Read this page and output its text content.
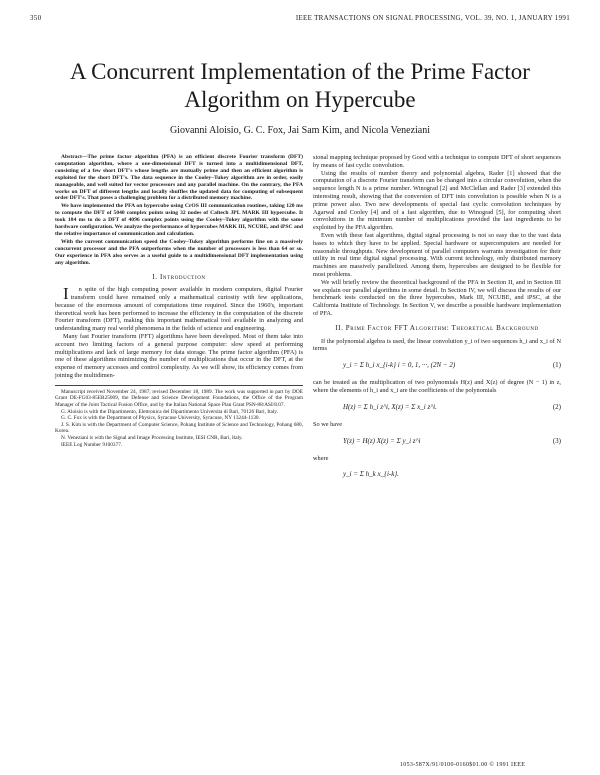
350	IEEE TRANSACTIONS ON SIGNAL PROCESSING, VOL. 39, NO. 1, JANUARY 1991
A Concurrent Implementation of the Prime Factor Algorithm on Hypercube
Giovanni Aloisio, G. C. Fox, Jai Sam Kim, and Nicola Veneziani

Abstract—The prime factor algorithm (PFA) is an efficient discrete Fourier transform (DFT) computation algorithm, where a one-dimensional DFT is turned into a multidimensional DFT, consisting of a few short DFT's whose lengths are mutually prime and then an efficient algorithm is exploited for the short DFT's. The data sequence in the Cooley–Tukey algorithm are in order, easily manageable, and well suited for vector processors and any parallel machine. On the contrary, the PFA works on DFT of different lengths and locally shuffles the updated data for computing of subsequent order DFT's. That poses a challenging problem for a distributed memory machine.

We have implemented the PFA on hypercube using CrOS III communication routines, taking 120 ms to compute the DFT of 5040 complex points using 32 nodes of Caltech JPL MARK III hypercube. It took 184 ms to do a DFT of 4096 complex points using the Cooley–Tukey algorithm with the same hardware configuration. We analyze the performance of hypercubes MARK III, NCUBE, and iPSC and the relative importance of communication and calculation.

With the current communication speed the Cooley–Tukey algorithm performs fine on a massively concurrent processor and the PFA outperforms when the number of processors is less than 64 or so. Our experience in PFA also serves as a useful guide to a multidimensional DFT implementation using any algorithm.

I. Introduction

In spite of the high computing power available in modern computers, digital Fourier transform could have remained only a mathematical curiosity with few applications, because of the enormous amount of computations time required. Since the 1960's, important theoretical work has been performed to increase the efficiency in the computation of the discrete Fourier transform (DFT), making this important mathematical tool available in analyzing and understanding many real world phenomena in the fields of science and engineering.

Many fast Fourier transform (FFT) algorithms have been developed. Most of them take into account two limiting factors of a general purpose computer: slow speed at performing multiplications and lack of large memory for data storage. The prime factor algorithm (PFA) is one of these algorithms minimizing the number of multiplications that occur in the DFT, at the expense of memory accesses and control complexity. As we will show, its efficiency comes from joining the multidimen-

Manuscript received November 24, 1987; revised December 18, 1989. The work was supported in part by DOE Grant DE-FG03-85ER25009, the Defense and Science Development Foundations, the Office of the Program Manager of the Joint Tactical Fusion Office, and by the Italian National Space Plan Grant PSN-88/ASI/8.07.

G. Aloisio is with the Dipartimento, Elettronica del Dipartimento Universita di Bari, 70126 Bari, Italy.

G. C. Fox is with the Department of Physics, Syracuse University, Syracuse, NY 13244-1130.

J. S. Kim is with the Department of Computer Science, Pohang Institute of Science and Technology, Pohang 680, Korea.

N. Veneziani is with the Signal and Image Processing Institute, IESI CNR, Bari, Italy.

IEEE Log Number 9100377.

sional mapping technique proposed by Good with a technique to compute DFT of short sequences by means of fast cyclic convolution.

Using the results of number theory and polynomial algebra, Rader [1] showed that the computation of a discrete Fourier transform can be changed into a circular convolution, when the sequence length N is a prime number. Winograd [2] and McClellan and Rader [3] extended this interesting result, showing that the conversion of DFT into convolution is possible when N is a prime power also. Two new developments of special fast cyclic convolution techniques by Agarwal and Cooley [4] and of a fast algorithm, due to Winograd [5], for computing short convolutions in the minimum number of multiplications provided the last ingredients to be exploited by the PFA algorithm.

Even with these fast algorithms, digital signal processing is not so easy due to the vast data bases to which they have to be applied. Special hardware or supercomputers are needed for reasonable throughputs. New development of parallel computers warrants investigation for their utility in real time digital signal processing. With current technology, only distributed memory machines are massively parallelized. Among them, hypercubes are designed to be flexible for most problems.

We will briefly review the theoretical background of the PFA in Section II, and in Section III we explain our parallel algorithms in some detail. In Section IV, we will discuss the results of our benchmark tests conducted on the three hypercubes, Mark III, NCUBE, and iPSC, at the California Institute of Technology. In Section V, we describe a possible hardware implementation of PFA.

II. Prime Factor FFT Algorithm: Theoretical Background

If the polynomial algebra is used, the linear convolution y_i of two sequences h_i and x_i of N terms

y_i = Σ h_i x_{i-k} i = 0, 1, ···, (2N − 2)	(1)

can be treated as the multiplication of two polynomials H(z) and X(z) of degree (N − 1) in z, where the elements of h_i and x_i are the coefficients of the polynomials

H(z) = Σ h_i z^i, X(z) = Σ x_i z^i.	(2)

So we have

Y(z) = H(z) X(z) = Σ y_i z^i	(3)

where

y_i = Σ h_k x_{i-k}.
1053-587X/91/0100-0160$01.00 © 1991 IEEE
